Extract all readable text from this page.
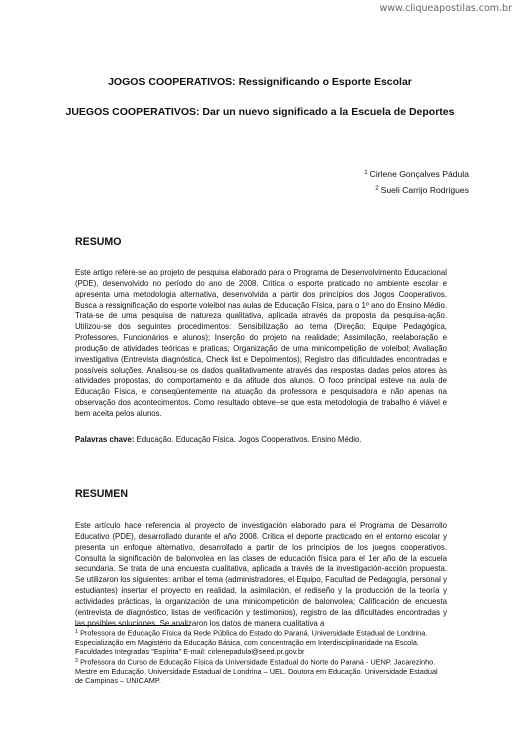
www.cliqueapostilas.com.br
JOGOS COOPERATIVOS: Ressignificando o Esporte Escolar
JUEGOS COOPERATIVOS: Dar un nuevo significado a la Escuela de Deportes
$^1$ Cirlene Gonçalves Pádula
$^2$ Sueli Carrijo Rodrigues
RESUMO

Este artigo refere-se ao projeto de pesquisa elaborado para o Programa de Desenvolvimento Educacional (PDE), desenvolvido no período do ano de 2008. Critica o esporte praticado no ambiente escolar e apresenta uma metodologia alternativa, desenvolvida a partir dos princípios dos Jogos Cooperativos. Busca a ressignificação do esporte voleibol nas aulas de Educação Física, para o 1º ano do Ensino Médio. Trata-se de uma pesquisa de natureza qualitativa, aplicada através da proposta da pesquisa-ação. Utilizou-se dos seguintes procedimentos: Sensibilização ao tema (Direção; Equipe Pedagógica, Professores, Funcionários e alunos); Inserção do projeto na realidade; Assimilação, reelaboração e produção de atividades teóricas e praticas; Organização de uma minicompetição de voleibol; Avaliação investigativa (Entrevista diagnóstica, Check list e Depoimentos); Registro das dificuldades encontradas e possíveis soluções. Analisou-se os dados qualitativamente através das respostas dadas pelos atores às atividades propostas, do comportamento e da atitude dos alunos. O foco principal esteve na aula de Educação Física, e conseqüentemente na atuação da professora e pesquisadora e não apenas na observação dos acontecimentos. Como resultado obteve–se que esta metodologia de trabalho é viável e bem aceita pelos alunos.

Palavras chave: Educação. Educação Física. Jogos Cooperativos. Ensino Médio.

RESUMEN

Este artículo hace referencia al proyecto de investigación elaborado para el Programa de Desarrollo Educativo (PDE), desarrollado durante el año 2008. Critica el deporte practicado en el entorno escolar y presenta un enfoque alternativo, desarrollado a partir de los principios de los juegos cooperativos. Consulta la significación de balonvolea en las clases de educación física para el 1er año de la escuela secundaria. Se trata de una encuesta cualitativa, aplicada a través de la investigación-acción propuesta. Se utilizaron los siguientes: arribar el tema (administradores, el Equipo, Facultad de Pedagogía, personal y estudiantes) insertar el proyecto en realidad, la asimilación, el rediseño y la producción de la teoría y actividades prácticas, la organización de una minicompetición de balonvolea; Calificación de encuesta (entrevista de diagnóstico, listas de verificación y testimonios), registro de las dificultades encontradas y las posibles soluciones. Se analizaron los datos de manera cualitativa a

$^1$ Professora de Educação Física da Rede Pública do Estado do Paraná. Universidade Estadual de Londrina. Especialização em Magistério da Educação Básica, com concentração em Interdisciplinaridade na Escola. Faculdades Integradas "Espírita" E-mail: cirlenepadula@seed.pr.gov.br

$^2$ Professora do Curso de Educação Física da Universidade Estadual do Norte do Paraná - UENP. Jacarezinho. Mestre em Educação. Universidade Estadual de Londrina – UEL. Doutora em Educação. Universidade Estadual de Campinas – UNICAMP.
